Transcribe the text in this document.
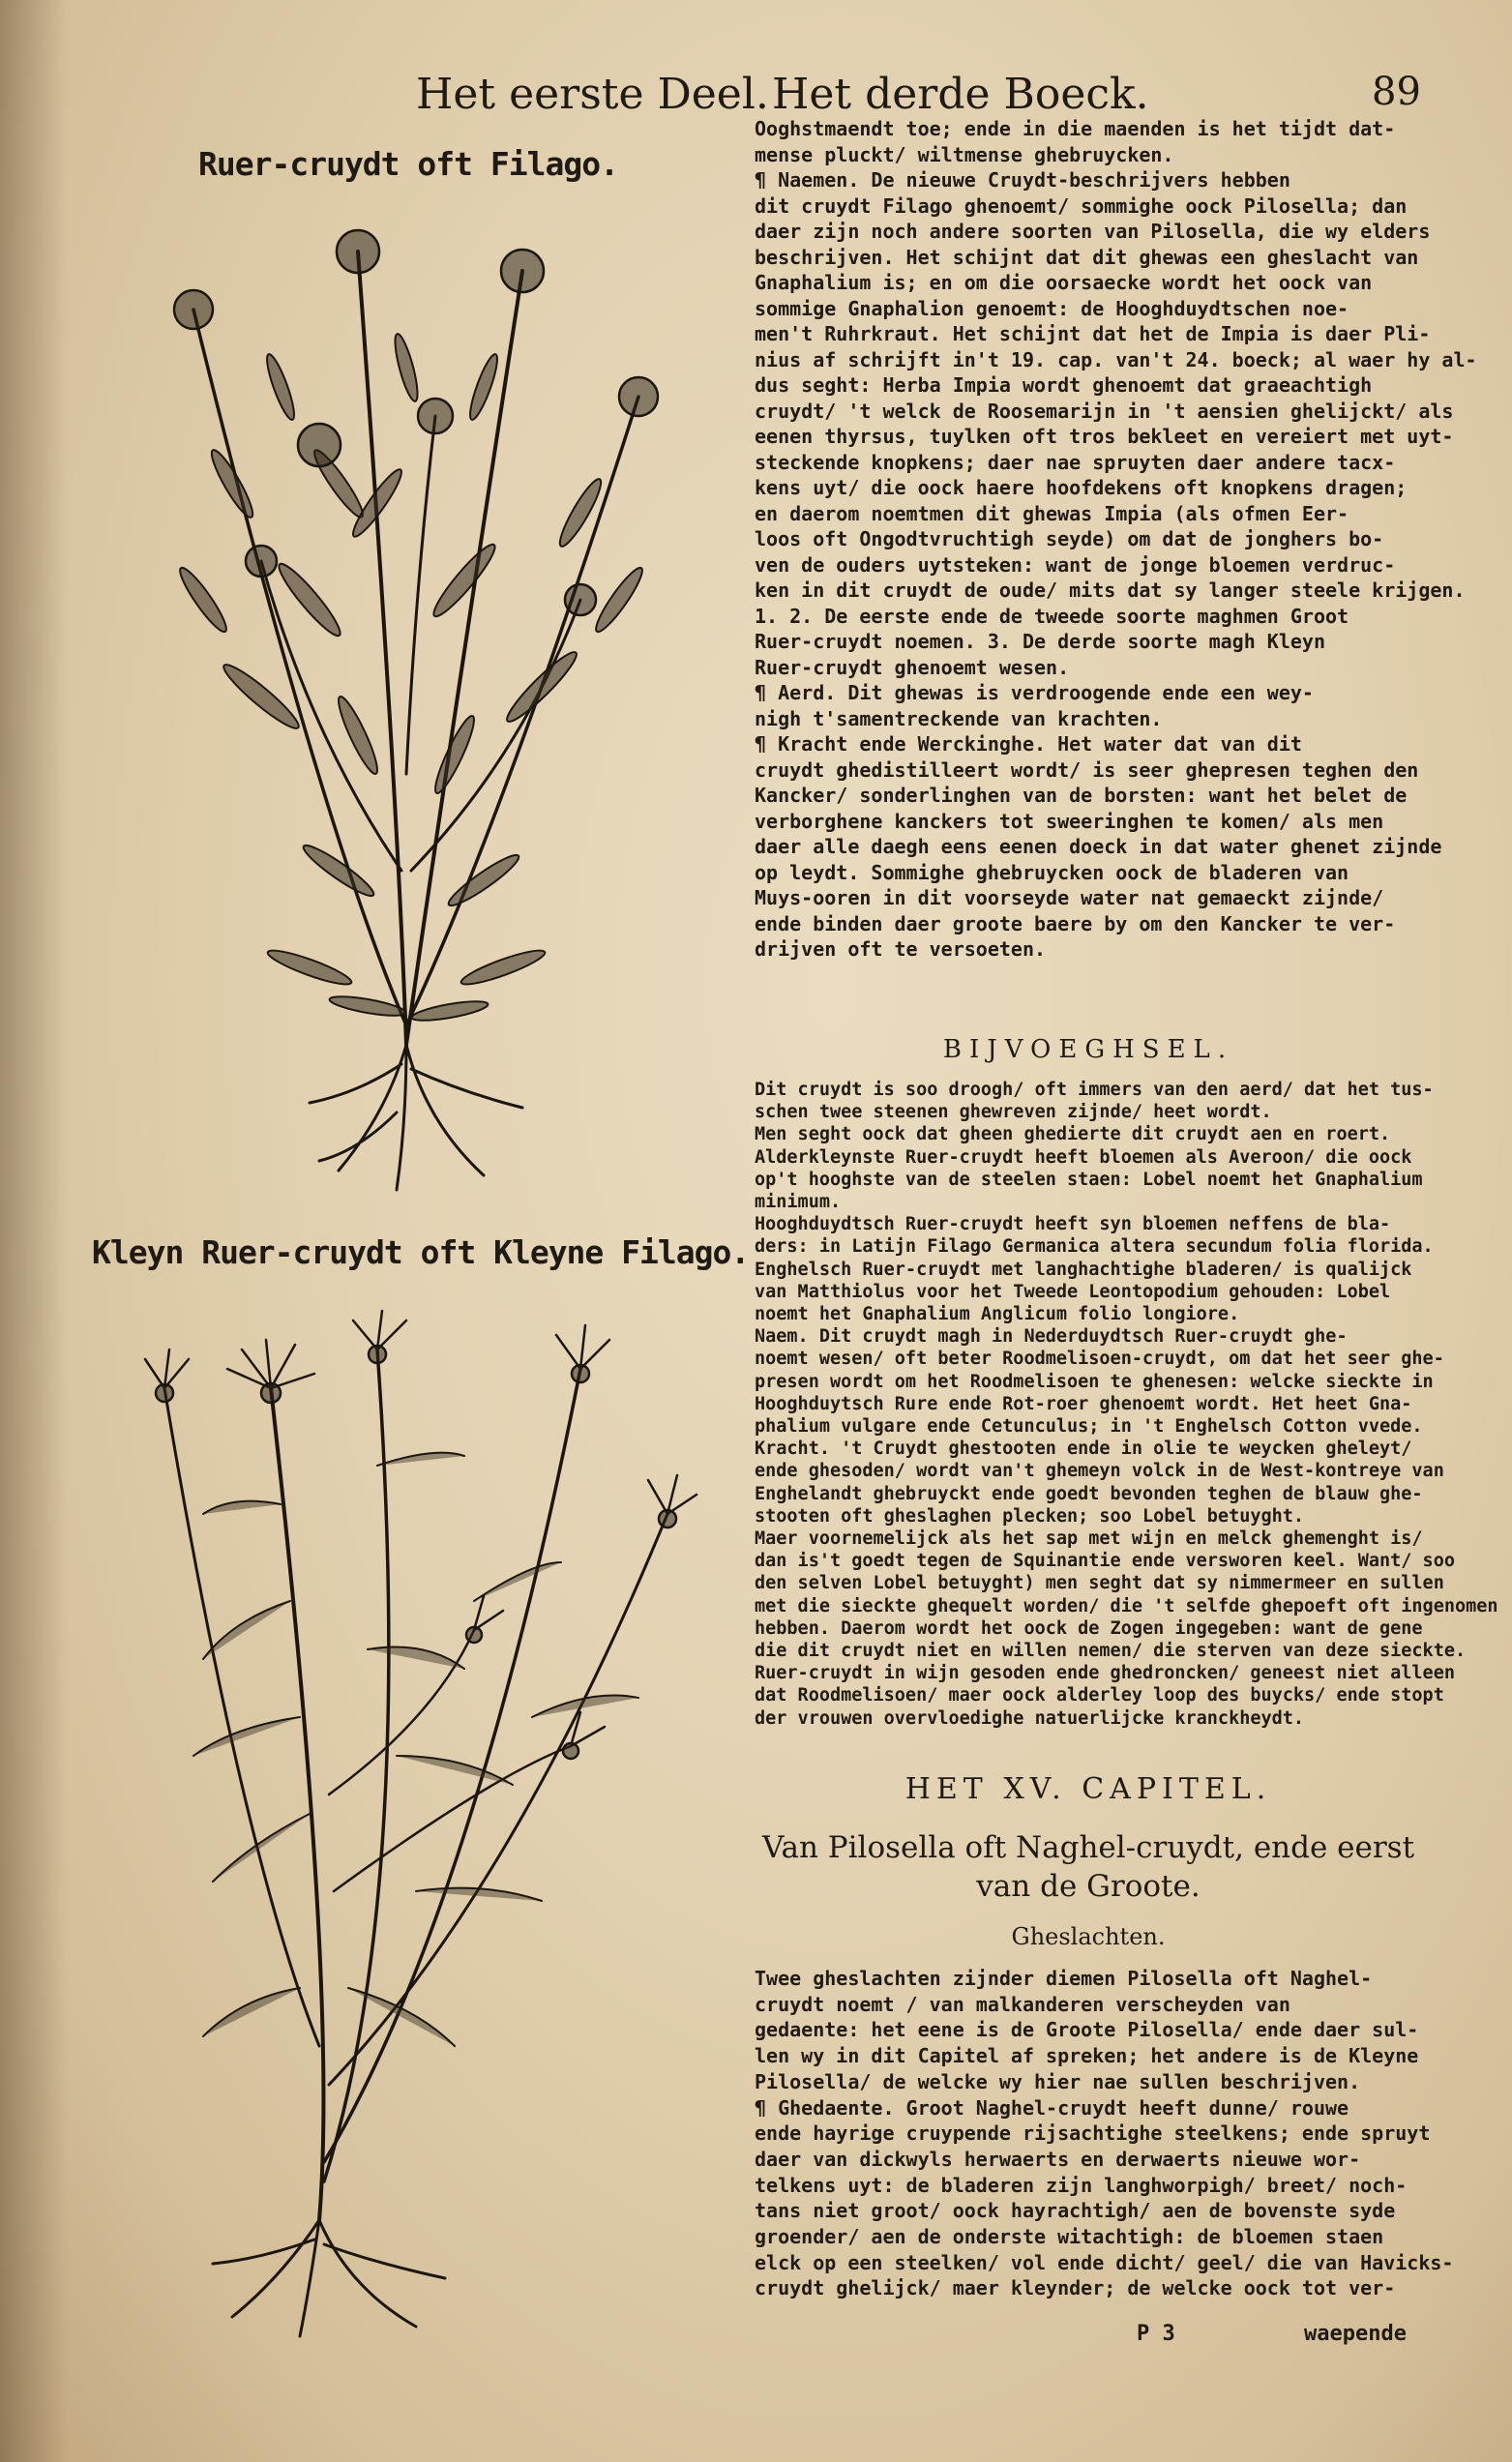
Het eerste Deel. Het derde Boeck.	89
Ruer-cruydt oft Filago.
Kleyn Ruer-cruydt oft Kleyne Filago.
Ooghstmaendt toe; ende in die maenden is het tijdt dat-
mense pluckt/ wiltmense ghebruycken.
¶ Naemen. De nieuwe Cruydt-beschrijvers hebben
dit cruydt Filago ghenoemt/ sommighe oock Pilosella; dan
daer zijn noch andere soorten van Pilosella, die wy elders
beschrijven. Het schijnt dat dit ghewas een gheslacht van
Gnaphalium is; en om die oorsaecke wordt het oock van
sommige Gnaphalion genoemt: de Hooghduydtschen noe-
men't Ruhrkraut. Het schijnt dat het de Impia is daer Pli-
nius af schrijft in't 19. cap. van't 24. boeck; al waer hy al-
dus seght: Herba Impia wordt ghenoemt dat graeachtigh
cruydt/ 't welck de Roosemarijn in 't aensien ghelijckt/ als
eenen thyrsus, tuylken oft tros bekleet en vereiert met uyt-
steckende knopkens; daer nae spruyten daer andere tacx-
kens uyt/ die oock haere hoofdekens oft knopkens dragen;
en daerom noemtmen dit ghewas Impia (als ofmen Eer-
loos oft Ongodtvruchtigh seyde) om dat de jonghers bo-
ven de ouders uytsteken: want de jonge bloemen verdruc-
ken in dit cruydt de oude/ mits dat sy langer steele krijgen.
1. 2. De eerste ende de tweede soorte maghmen Groot
Ruer-cruydt noemen. 3. De derde soorte magh Kleyn
Ruer-cruydt ghenoemt wesen.
¶ Aerd. Dit ghewas is verdroogende ende een wey-
nigh t'samentreckende van krachten.
¶ Kracht ende Werckinghe. Het water dat van dit
cruydt ghedistilleert wordt/ is seer ghepresen teghen den
Kancker/ sonderlinghen van de borsten: want het belet de
verborghene kanckers tot sweeringhen te komen/ als men
daer alle daegh eens eenen doeck in dat water ghenet zijnde
op leydt. Sommighe ghebruycken oock de bladeren van
Muys-ooren in dit voorseyde water nat gemaeckt zijnde/
ende binden daer groote baere by om den Kancker te ver-
drijven oft te versoeten.
BIJVOEGHSEL.
Dit cruydt is soo droogh/ oft immers van den aerd/ dat het tus-
schen twee steenen ghewreven zijnde/ heet wordt.
Men seght oock dat gheen ghedierte dit cruydt aen en roert.
Alderkleynste Ruer-cruydt heeft bloemen als Averoon/ die oock
op't hooghste van de steelen staen: Lobel noemt het Gnaphalium
minimum.
Hooghduydtsch Ruer-cruydt heeft syn bloemen neffens de bla-
ders: in Latijn Filago Germanica altera secundum folia florida.
Enghelsch Ruer-cruydt met langhachtighe bladeren/ is qualijck
van Matthiolus voor het Tweede Leontopodium gehouden: Lobel
noemt het Gnaphalium Anglicum folio longiore.
Naem. Dit cruydt magh in Nederduydtsch Ruer-cruydt ghe-
noemt wesen/ oft beter Roodmelisoen-cruydt, om dat het seer ghe-
presen wordt om het Roodmelisoen te ghenesen: welcke sieckte in
Hooghduytsch Rure ende Rot-roer ghenoemt wordt. Het heet Gna-
phalium vulgare ende Cetunculus; in 't Enghelsch Cotton vvede.
Kracht. 't Cruydt ghestooten ende in olie te weycken gheleyt/
ende ghesoden/ wordt van't ghemeyn volck in de West-kontreye van
Enghelandt ghebruyckt ende goedt bevonden teghen de blauw ghe-
stooten oft gheslaghen plecken; soo Lobel betuyght.
Maer voornemelijck als het sap met wijn en melck ghemenght is/
dan is't goedt tegen de Squinantie ende versworen keel. Want/ soo
den selven Lobel betuyght) men seght dat sy nimmermeer en sullen
met die sieckte ghequelt worden/ die 't selfde ghepoeft oft ingenomen
hebben. Daerom wordt het oock de Zogen ingegeben: want de gene
die dit cruydt niet en willen nemen/ die sterven van deze sieckte.
Ruer-cruydt in wijn gesoden ende ghedroncken/ geneest niet alleen
dat Roodmelisoen/ maer oock alderley loop des buycks/ ende stopt
der vrouwen overvloedighe natuerlijcke kranckheydt.
HET XV. CAPITEL.
Van Pilosella oft Naghel-cruydt, ende eerst
van de Groote.
Gheslachten.
Twee gheslachten zijnder diemen Pilosella oft Naghel-
cruydt noemt / van malkanderen verscheyden van
gedaente: het eene is de Groote Pilosella/ ende daer sul-
len wy in dit Capitel af spreken; het andere is de Kleyne
Pilosella/ de welcke wy hier nae sullen beschrijven.
¶ Ghedaente. Groot Naghel-cruydt heeft dunne/ rouwe
ende hayrige cruypende rijsachtighe steelkens; ende spruyt
daer van dickwyls herwaerts en derwaerts nieuwe wor-
telkens uyt: de bladeren zijn langhworpigh/ breet/ noch-
tans niet groot/ oock hayrachtigh/ aen de bovenste syde
groender/ aen de onderste witachtigh: de bloemen staen
elck op een steelken/ vol ende dicht/ geel/ die van Havicks-
cruydt ghelijck/ maer kleynder; de welcke oock tot ver-
P 3	waepende
